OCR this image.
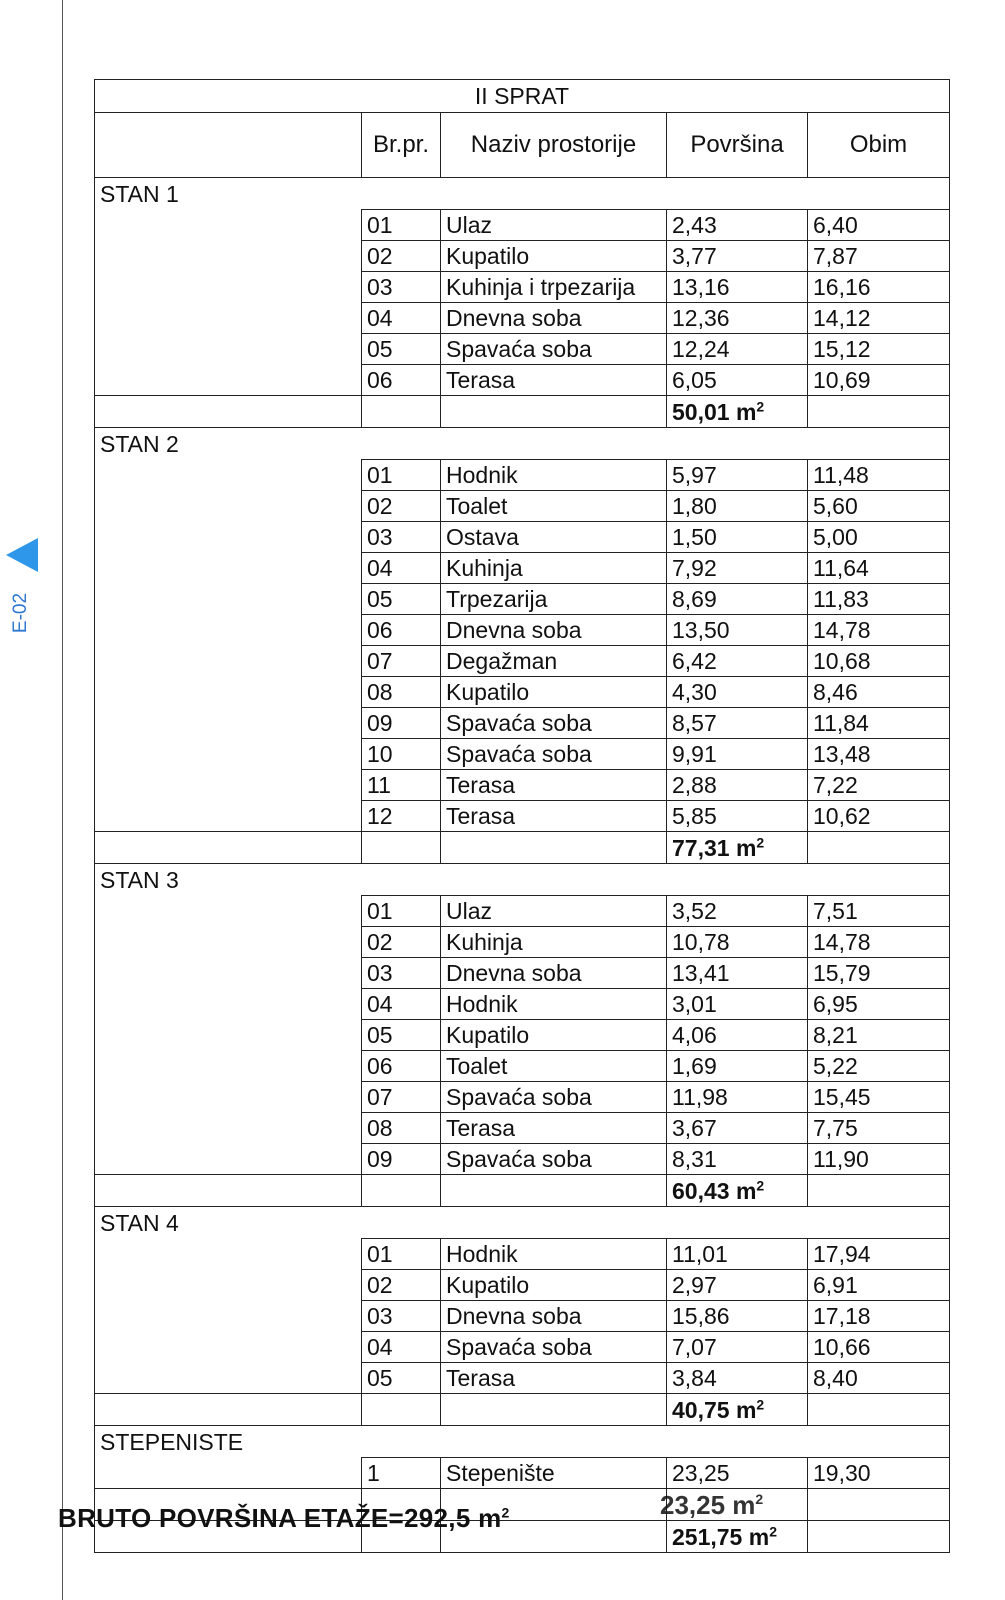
E-02
II SPRAT				
	Br.pr.	Naziv prostorije	Površina	Obim
STAN 1				
	01	Ulaz	2,43	6,40
	02	Kupatilo	3,77	7,87
	03	Kuhinja i trpezarija	13,16	16,16
	04	Dnevna soba	12,36	14,12
	05	Spavaća soba	12,24	15,12
	06	Terasa	6,05	10,69
			50,01 $m^2$	
STAN 2				
	01	Hodnik	5,97	11,48
	02	Toalet	1,80	5,60
	03	Ostava	1,50	5,00
	04	Kuhinja	7,92	11,64
	05	Trpezarija	8,69	11,83
	06	Dnevna soba	13,50	14,78
	07	Degažman	6,42	10,68
	08	Kupatilo	4,30	8,46
	09	Spavaća soba	8,57	11,84
	10	Spavaća soba	9,91	13,48
	11	Terasa	2,88	7,22
	12	Terasa	5,85	10,62
			77,31 $m^2$	
STAN 3				
	01	Ulaz	3,52	7,51
	02	Kuhinja	10,78	14,78
	03	Dnevna soba	13,41	15,79
	04	Hodnik	3,01	6,95
	05	Kupatilo	4,06	8,21
	06	Toalet	1,69	5,22
	07	Spavaća soba	11,98	15,45
	08	Terasa	3,67	7,75
	09	Spavaća soba	8,31	11,90
			60,43 $m^2$	
STAN 4				
	01	Hodnik	11,01	17,94
	02	Kupatilo	2,97	6,91
	03	Dnevna soba	15,86	17,18
	04	Spavaća soba	7,07	10,66
	05	Terasa	3,84	8,40
			40,75 $m^2$	
STEPENISTE				
	1	Stepenište	23,25	19,30

BRUTO POVRŠINA ETAŽE=292,5 $m^2$			23,25 $m^2$	
			251,75 $m^2$	
